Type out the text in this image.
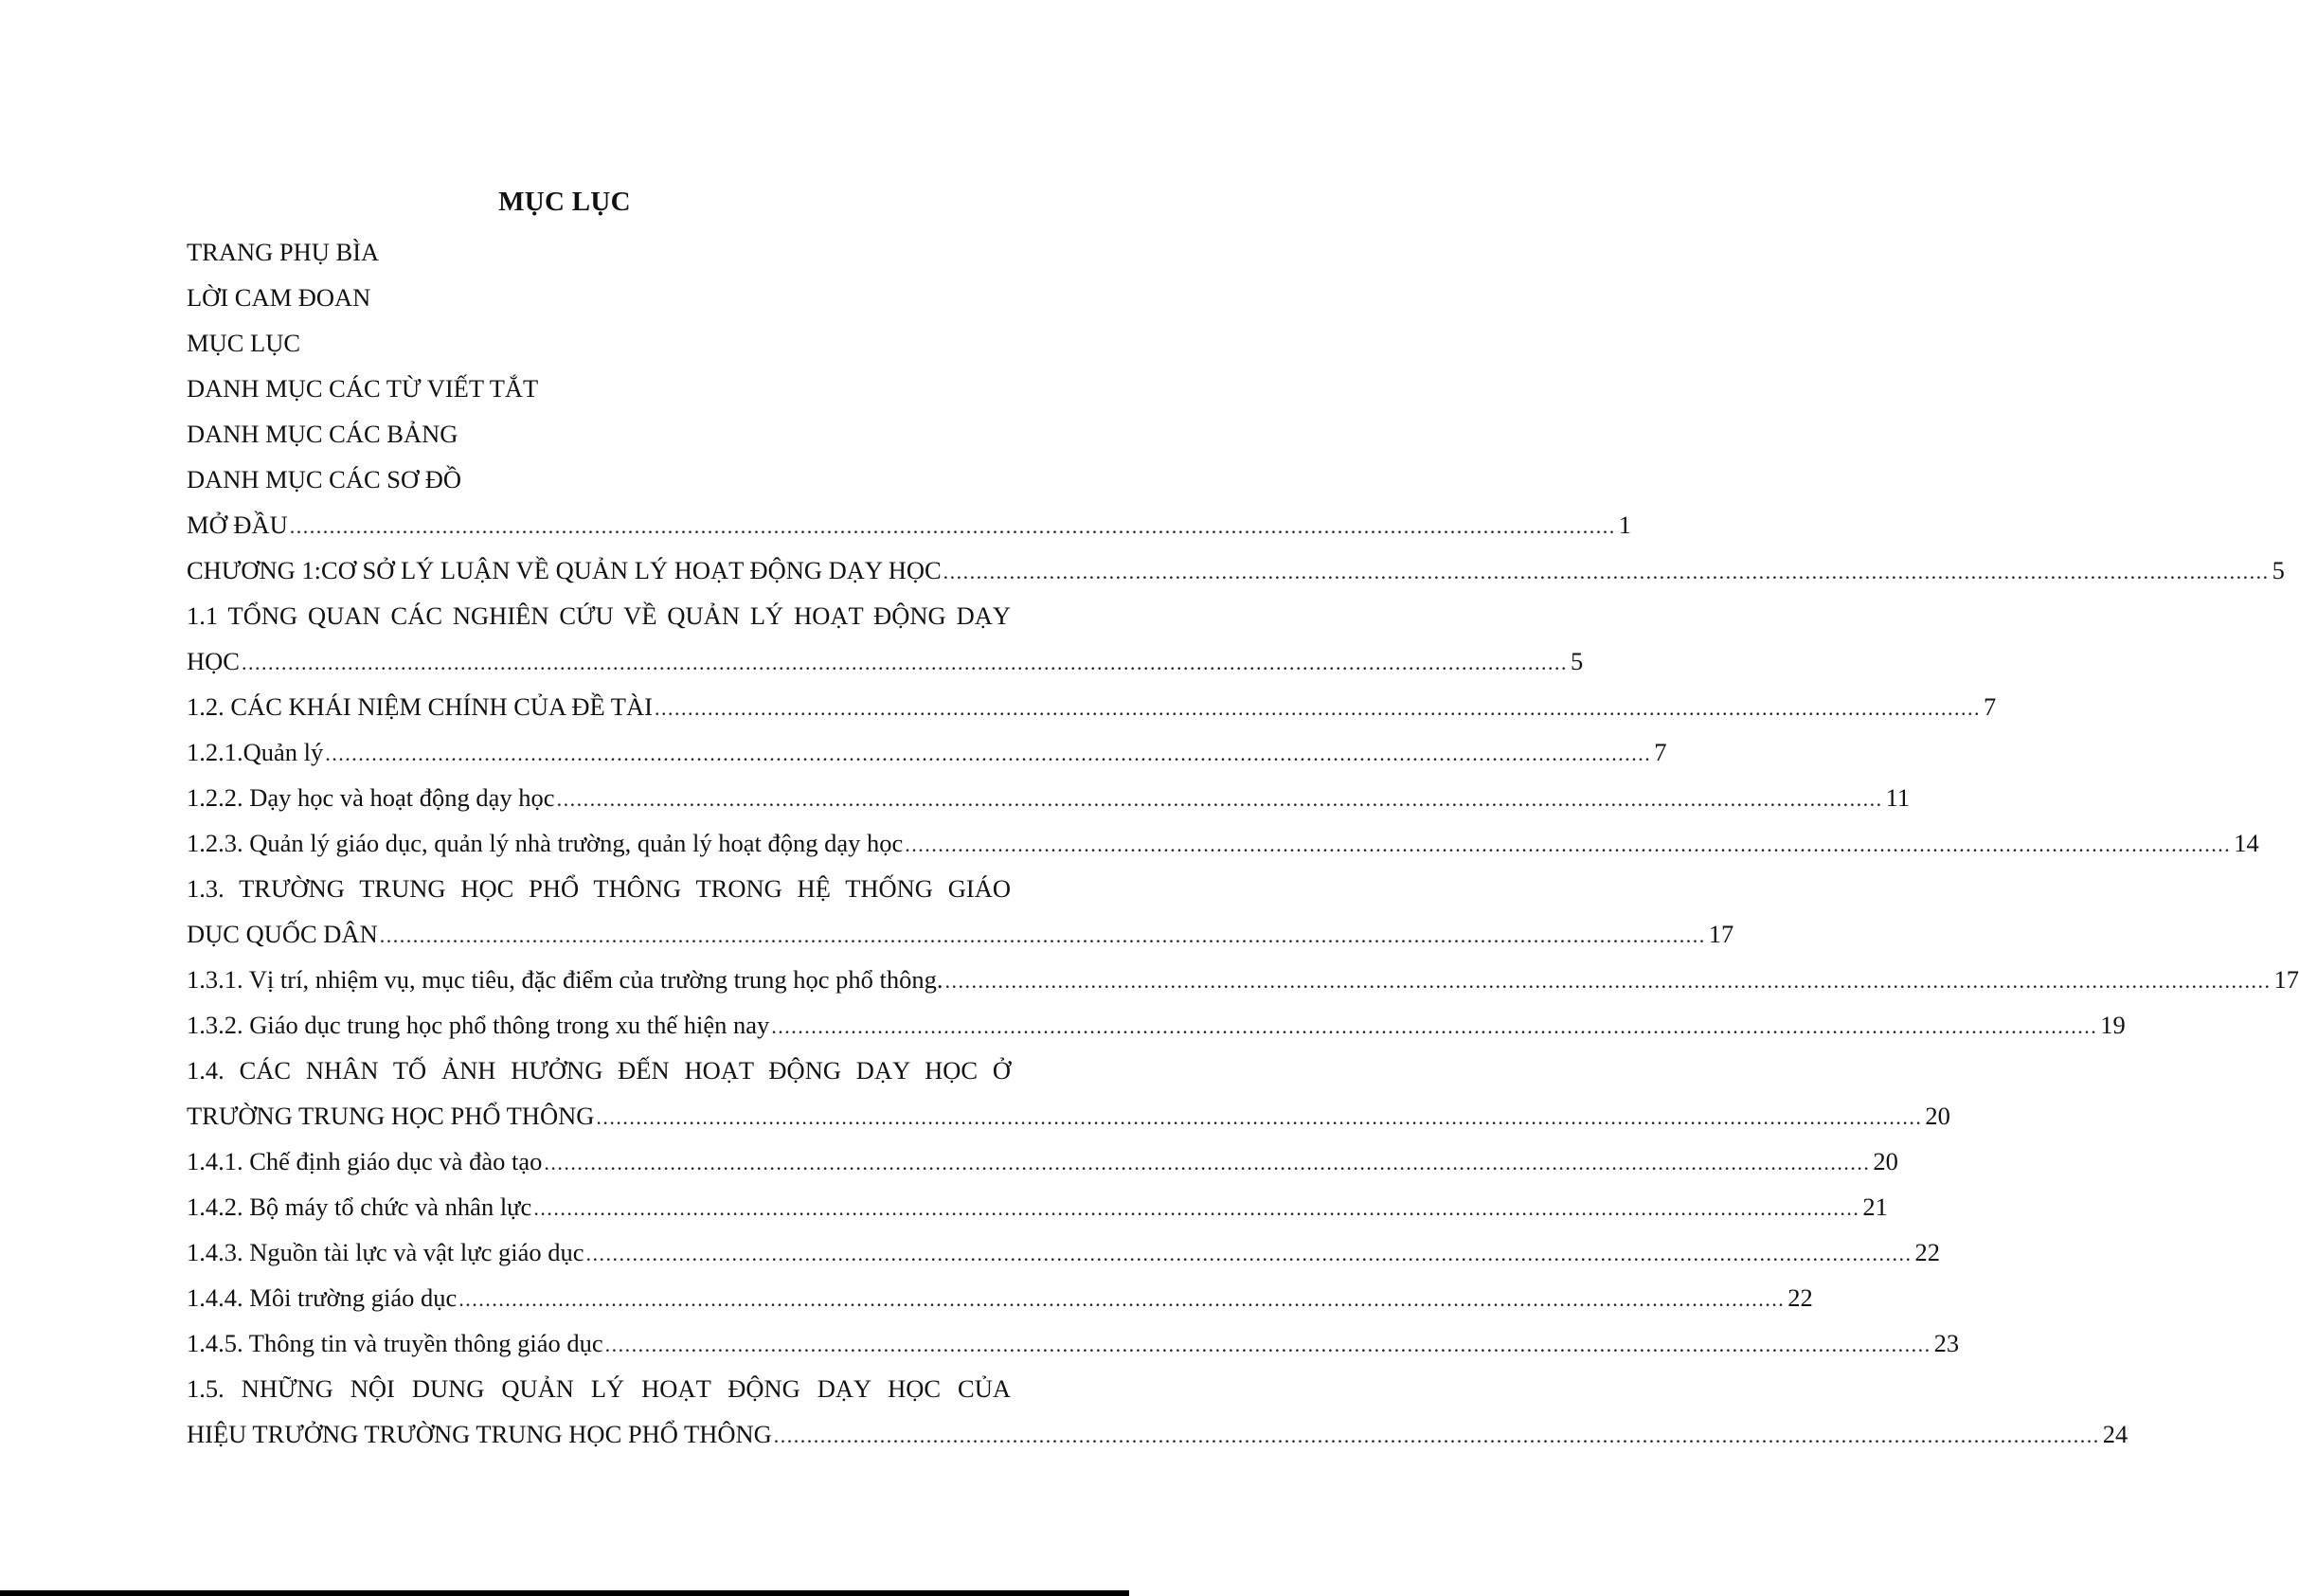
MỤC LỤC
TRANG PHỤ BÌA
LỜI CAM ĐOAN
MỤC LỤC
DANH MỤC CÁC TỪ VIẾT TẮT
DANH MỤC CÁC BẢNG
DANH MỤC CÁC SƠ ĐỒ
MỞ ĐẦU ........................................................................................................................................................................................................ 1
CHƯƠNG 1:CƠ SỞ LÝ LUẬN VỀ QUẢN LÝ HOẠT ĐỘNG DẠY HỌC ........................................................................................................................................................................................................ 5
1.1 TỔNG QUAN CÁC NGHIÊN CỨU VỀ QUẢN LÝ HOẠT ĐỘNG DẠY
HỌC ........................................................................................................................................................................................................ 5
1.2. CÁC KHÁI NIỆM CHÍNH CỦA ĐỀ TÀI ........................................................................................................................................................................................................ 7
1.2.1.Quản lý ........................................................................................................................................................................................................ 7
1.2.2. Dạy học và hoạt động dạy học ........................................................................................................................................................................................................ 11
1.2.3. Quản lý giáo dục, quản lý nhà trường, quản lý hoạt động dạy học ........................................................................................................................................................................................................ 14
1.3. TRƯỜNG TRUNG HỌC PHỔ THÔNG TRONG HỆ THỐNG GIÁO
DỤC QUỐC DÂN ........................................................................................................................................................................................................ 17
1.3.1. Vị trí, nhiệm vụ, mục tiêu, đặc điểm của trường trung học phổ thông. ........................................................................................................................................................................................................ 17
1.3.2. Giáo dục trung học phổ thông trong xu thế hiện nay ........................................................................................................................................................................................................ 19
1.4. CÁC NHÂN TỐ ẢNH HƯỞNG ĐẾN HOẠT ĐỘNG DẠY HỌC Ở
TRƯỜNG TRUNG HỌC PHỔ THÔNG ........................................................................................................................................................................................................ 20
1.4.1. Chế định giáo dục và đào tạo ........................................................................................................................................................................................................ 20
1.4.2. Bộ máy tổ chức và nhân lực ........................................................................................................................................................................................................ 21
1.4.3. Nguồn tài lực và vật lực giáo dục ........................................................................................................................................................................................................ 22
1.4.4. Môi trường giáo dục ........................................................................................................................................................................................................ 22
1.4.5. Thông tin và truyền thông giáo dục ........................................................................................................................................................................................................ 23
1.5. NHỮNG NỘI DUNG QUẢN LÝ HOẠT ĐỘNG DẠY HỌC CỦA
HIỆU TRƯỞNG TRƯỜNG TRUNG HỌC PHỔ THÔNG ........................................................................................................................................................................................................ 24
